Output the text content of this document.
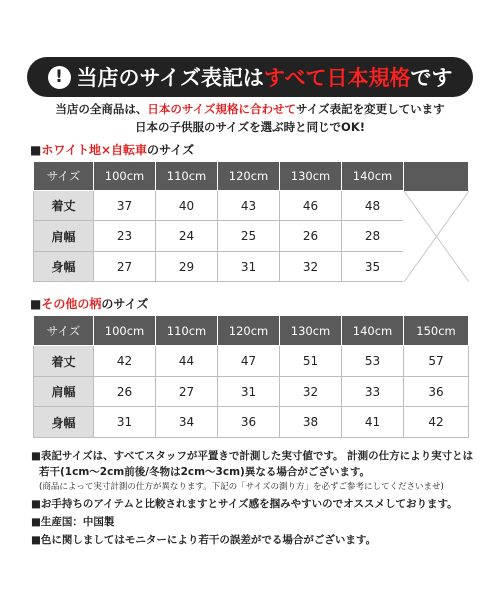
! 当店のサイズ表記は すべて日本規格 です

当店の全商品は、日本のサイズ規格に合わせてサイズ表記を変更しています

日本の子供服のサイズを選ぶ時と同じでOK!

■ホワイト地×自転車のサイズ
サイズ	100cm	110cm	120cm	130cm	140cm	

着丈	37	40	43	46	48	
肩幅	23	24	25	26	28	
身幅	27	29	31	32	35	
■その他の柄のサイズ
サイズ	100cm	110cm	120cm	130cm	140cm	150cm
着丈	42	44	47	51	53	57
肩幅	26	27	31	32	33	36
身幅	31	34	36	38	41	42

■表記サイズは、すべてスタッフが平置きで計測した実寸値です。 計測の仕方により実寸とは

若干(1cm〜2cm前後/冬物は2cm〜3cm)異なる場合がございます。

(商品によって実寸計測の仕方が異なります。下記の「サイズの測り方」を必ずご参考にしてくださいませ)

■お手持ちのアイテムと比較されますとサイズ感を掴みやすいのでオススメしております。

■生産国：中国製

■色に関しましてはモニターにより若干の誤差がでる場合がございます。
